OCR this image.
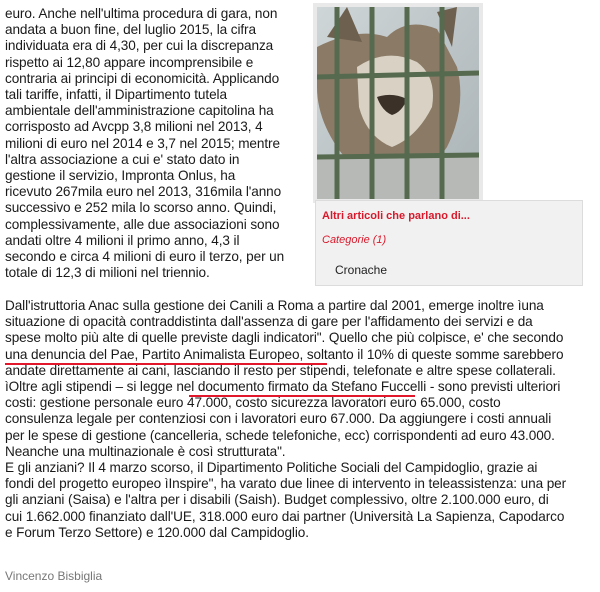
euro. Anche nell'ultima procedura di gara, non
andata a buon fine, del luglio 2015, la cifra
individuata era di 4,30, per cui la discrepanza
rispetto ai 12,80 appare incomprensibile e
contraria ai principi di economicità. Applicando
tali tariffe, infatti, il Dipartimento tutela
ambientale dell'amministrazione capitolina ha
corrisposto ad Avcpp 3,8 milioni nel 2013, 4
milioni di euro nel 2014 e 3,7 nel 2015; mentre
l'altra associazione a cui e' stato dato in
gestione il servizio, Impronta Onlus, ha
ricevuto 267mila euro nel 2013, 316mila l'anno
successivo e 252 mila lo scorso anno. Quindi,
complessivamente, alle due associazioni sono
andati oltre 4 milioni il primo anno, 4,3 il
secondo e circa 4 milioni di euro il terzo, per un
totale di 12,3 di milioni nel triennio.

Altri articoli che parlano di...
Categorie (1)
Cronache
Dall'istruttoria Anac sulla gestione dei Canili a Roma a partire dal 2001, emerge inoltre ìuna
situazione di opacità contraddistinta dall'assenza di gare per l'affidamento dei servizi e da
spese molto più alte di quelle previste dagli indicatori". Quello che più colpisce, e' che secondo
una denuncia del Pae, Partito Animalista Europeo, soltanto il 10% di queste somme sarebbero
andate direttamente ai cani, lasciando il resto per stipendi, telefonate e altre spese collaterali.
ìOltre agli stipendi – si legge nel documento firmato da Stefano Fuccelli - sono previsti ulteriori
costi: gestione personale euro 47.000, costo sicurezza lavoratori euro 65.000, costo
consulenza legale per contenziosi con i lavoratori euro 67.000. Da aggiungere i costi annuali
per le spese di gestione (cancelleria, schede telefoniche, ecc) corrispondenti ad euro 43.000.
Neanche una multinazionale è così strutturata".
E gli anziani? Il 4 marzo scorso, il Dipartimento Politiche Sociali del Campidoglio, grazie ai
fondi del progetto europeo ìInspire", ha varato due linee di intervento in teleassistenza: una per
gli anziani (Saisa) e l'altra per i disabili (Saish). Budget complessivo, oltre 2.100.000 euro, di
cui 1.662.000 finanziato dall'UE, 318.000 euro dai partner (Università La Sapienza, Capodarco
e Forum Terzo Settore) e 120.000 dal Campidoglio.
Vincenzo Bisbiglia
